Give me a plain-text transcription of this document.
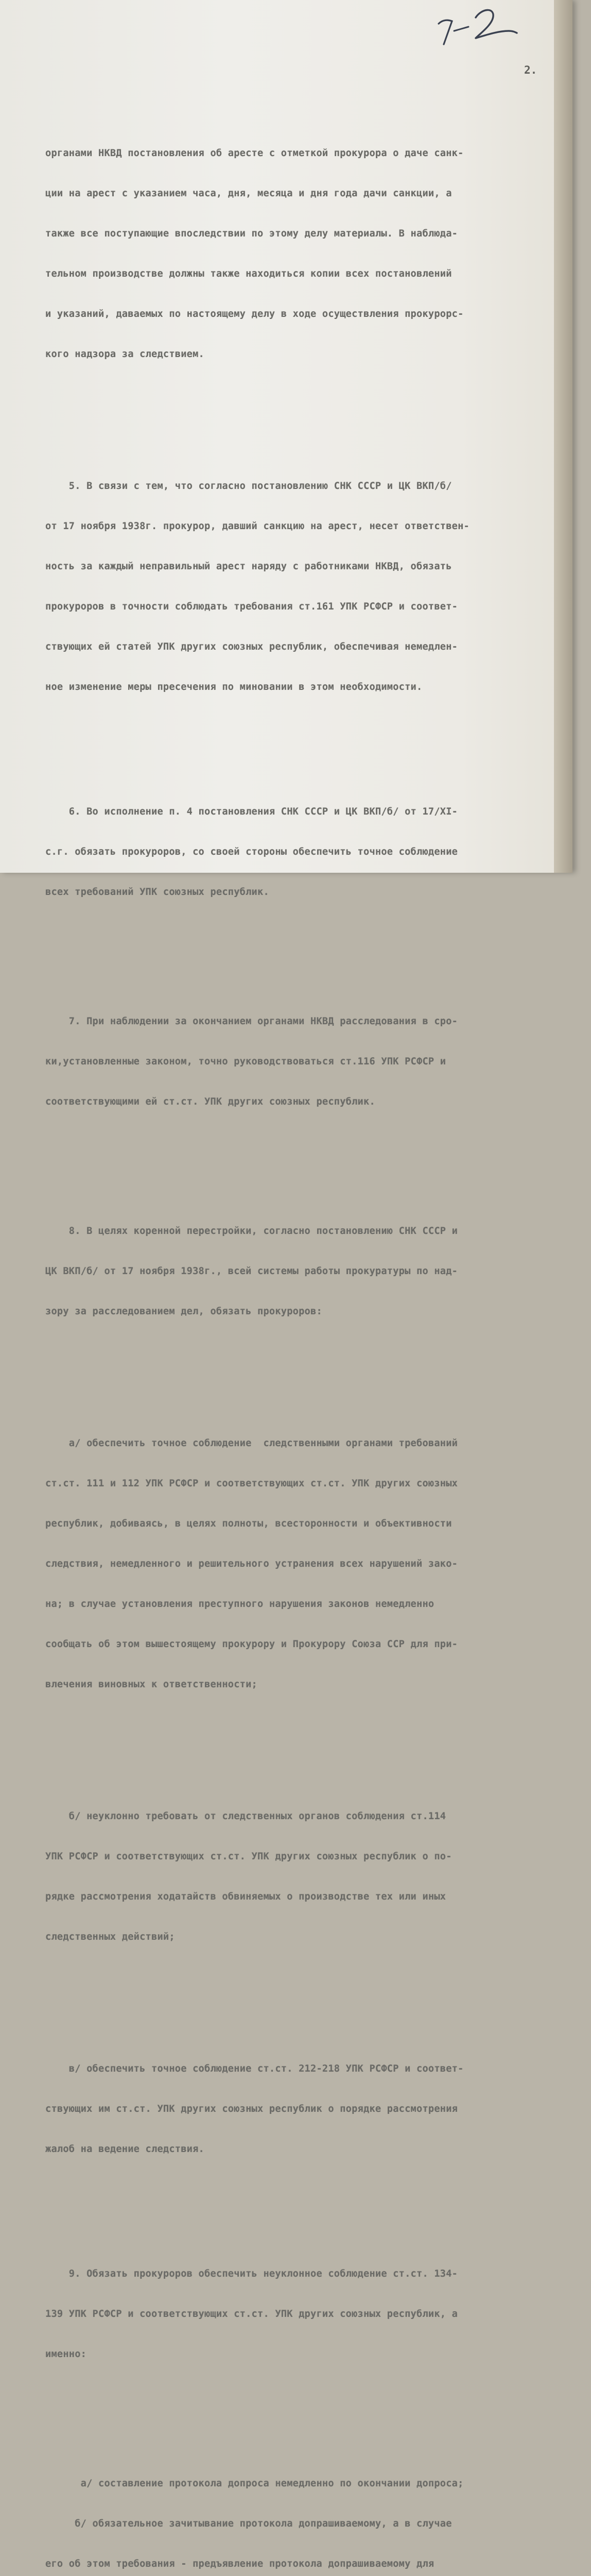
2.

органами НКВД постановления об аресте с отметкой прокурора о даче санк-

ции на арест с указанием часа, дня, месяца и дня года дачи санкции, а

также все поступающие впоследствии по этому делу материалы. В наблюда-

тельном производстве должны также находиться копии всех постановлений

и указаний, даваемых по настоящему делу в ходе осуществления прокурорс-

кого надзора за следствием.

5. В связи с тем, что согласно постановлению СНК СССР и ЦК ВКП/б/

от 17 ноября 1938г. прокурор, давший санкцию на арест, несет ответствен-

ность за каждый неправильный арест наряду с работниками НКВД, обязать

прокуроров в точности соблюдать требования ст.161 УПК РСФСР и соответ-

ствующих ей статей УПК других союзных республик, обеспечивая немедлен-

ное изменение меры пресечения по миновании в этом необходимости.

6. Во исполнение п. 4 постановления СНК СССР и ЦК ВКП/б/ от 17/XI-

с.г. обязать прокуроров, со своей стороны обеспечить точное соблюдение

всех требований УПК союзных республик.

7. При наблюдении за окончанием органами НКВД расследования в сро-

ки,установленные законом, точно руководствоваться ст.116 УПК РСФСР и

соответствующими ей ст.ст. УПК других союзных республик.

8. В целях коренной перестройки, согласно постановлению СНК СССР и

ЦК ВКП/б/ от 17 ноября 1938г., всей системы работы прокуратуры по над-

зору за расследованием дел, обязать прокуроров:

а/ обеспечить точное соблюдение  следственными органами требований

ст.ст. 111 и 112 УПК РСФСР и соответствующих ст.ст. УПК других союзных

республик, добиваясь, в целях полноты, всесторонности и объективности

следствия, немедленного и решительного устранения всех нарушений зако-

на; в случае установления преступного нарушения законов немедленно

сообщать об этом вышестоящему прокурору и Прокурору Союза ССР для при-

влечения виновных к ответственности;

б/ неуклонно требовать от следственных органов соблюдения ст.114

УПК РСФСР и соответствующих ст.ст. УПК других союзных республик о по-

рядке рассмотрения ходатайств обвиняемых о производстве тех или иных

следственных действий;

в/ обеспечить точное соблюдение ст.ст. 212-218 УПК РСФСР и соответ-

ствующих им ст.ст. УПК других союзных республик о порядке рассмотрения

жалоб на ведение следствия.

9. Обязать прокуроров обеспечить неуклонное соблюдение ст.ст. 134-

139 УПК РСФСР и соответствующих ст.ст. УПК других союзных республик, а

именно:

а/ составление протокола допроса немедленно по окончании допроса;

б/ обязательное зачитывание протокола допрашиваемому, а в случае

его об этом требования - предъявление протокола допрашиваемому для
